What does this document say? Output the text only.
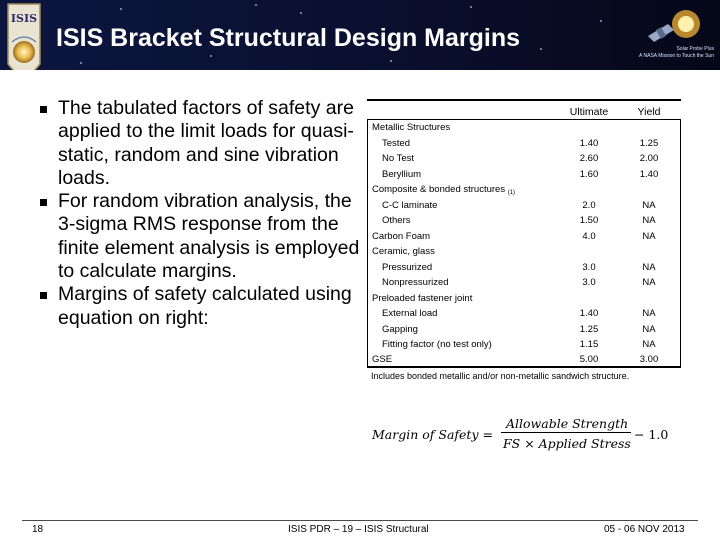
ISIS
ISIS Bracket Structural Design Margins	Solar Probe Plus
A NASA Mission to Touch the Sun
The tabulated factors of safety are applied to the limit loads for quasi-static, random and sine vibration loads.
For random vibration analysis, the 3-sigma RMS response from the finite element analysis is employed to calculate margins.
Margins of safety calculated using equation on right:
Ultimate	Yield
Metallic Structures
Tested	1.40	1.25
No Test	2.60	2.00
Beryllium	1.60	1.40
Composite & bonded structures $_{(1)}$
C-C laminate	2.0	NA
Others	1.50	NA
Carbon Foam	4.0	NA
Ceramic, glass
Pressurized	3.0	NA
Nonpressurized	3.0	NA
Preloaded fastener joint
External load	1.40	NA
Gapping	1.25	NA
Fitting factor (no test only)	1.15	NA
GSE	5.00	3.00
Includes bonded metallic and/or non-metallic sandwich structure.
Margin of Safety =
Allowable Strength
FS × Applied Stress
− 1.0
18	ISIS PDR – 19 – ISIS Structural	05 - 06 NOV 2013
